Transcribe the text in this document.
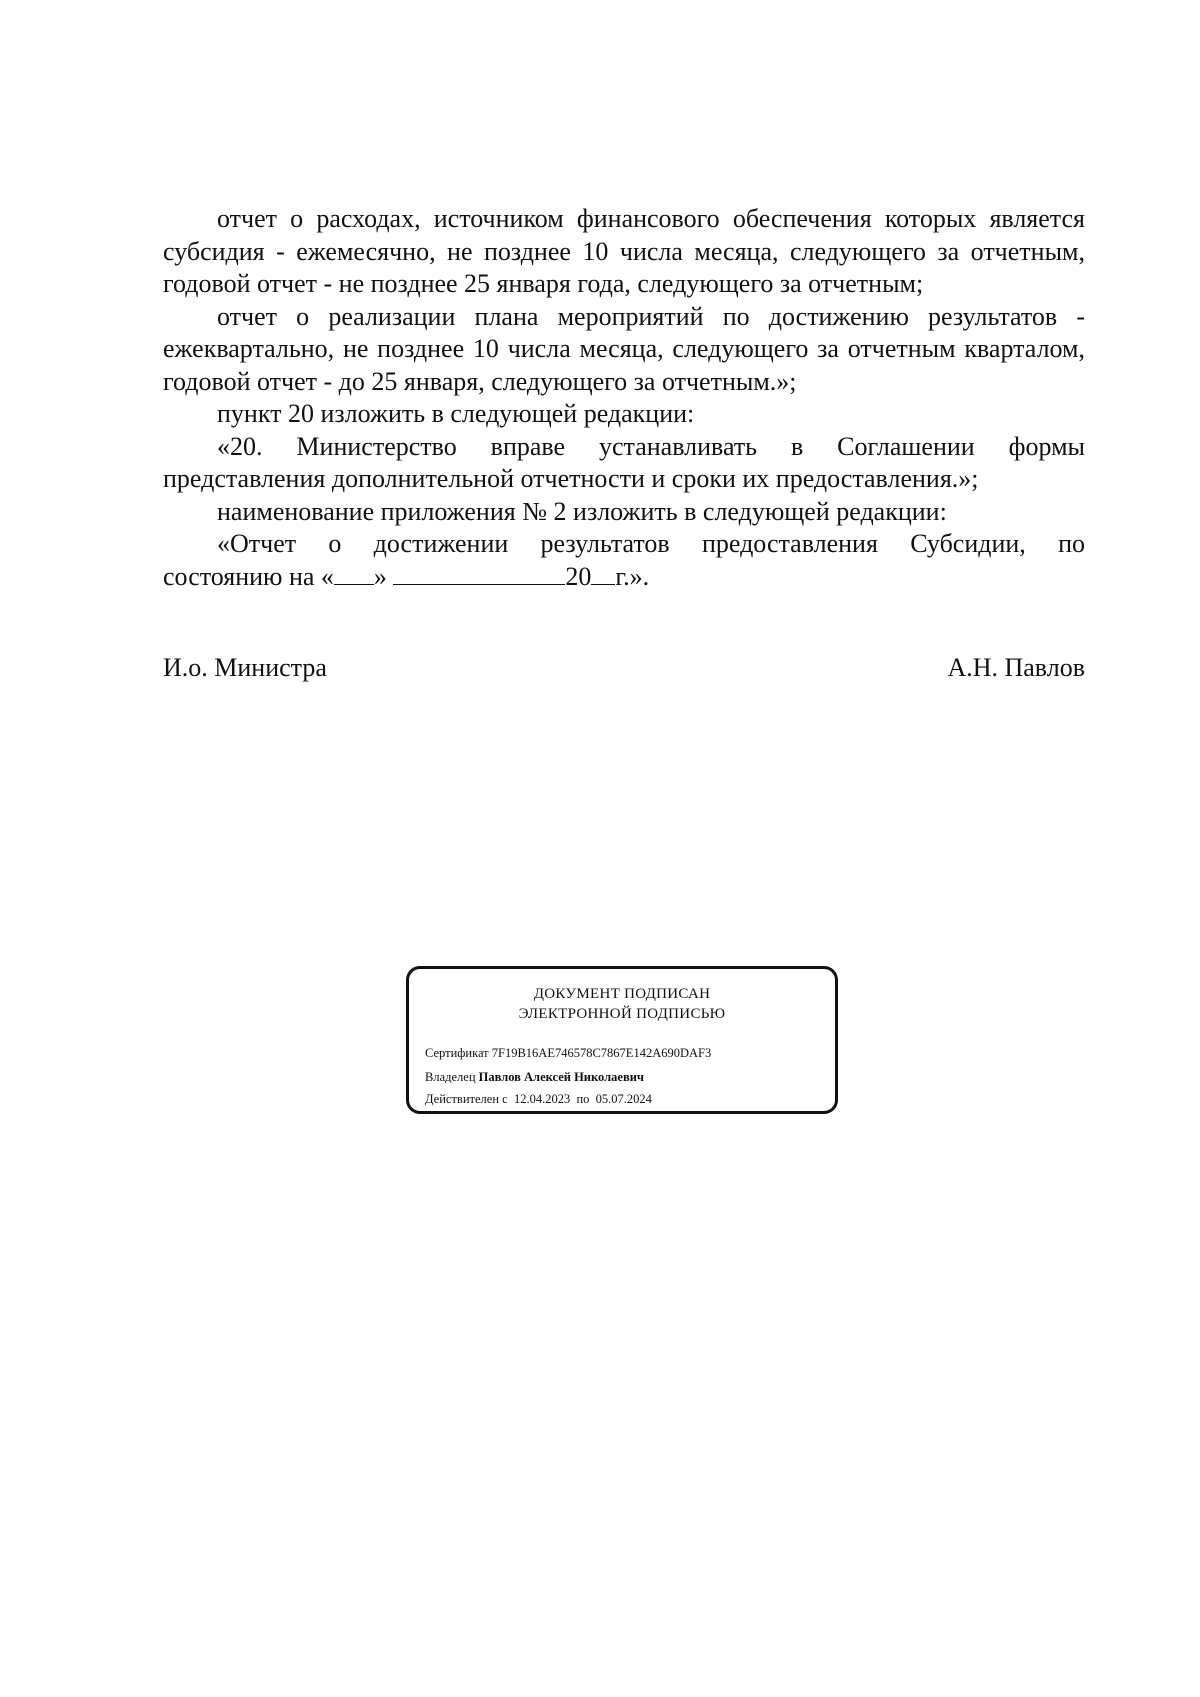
отчет о расходах, источником финансового обеспечения которых является субсидия - ежемесячно, не позднее 10 числа месяца, следующего за отчетным, годовой отчет - не позднее 25 января года, следующего за отчетным;

отчет о реализации плана мероприятий по достижению результатов - ежеквартально, не позднее 10 числа месяца, следующего за отчетным кварталом, годовой отчет - до 25 января, следующего за отчетным.»;

пункт 20 изложить в следующей редакции:

«20. Министерство вправе устанавливать в Соглашении формы представления дополнительной отчетности и сроки их предоставления.»;

наименование приложения № 2 изложить в следующей редакции:

«Отчет о достижении результатов предоставления Субсидии, по

состоянию на « »	20 г.».

И.о. Министра	А.Н. Павлов
ДОКУМЕНТ ПОДПИСАН
ЭЛЕКТРОННОЙ ПОДПИСЬЮ
Сертификат 7F19B16AE746578C7867E142A690DAF3
Владелец Павлов Алексей Николаевич
Действителен с 12.04.2023 по 05.07.2024
